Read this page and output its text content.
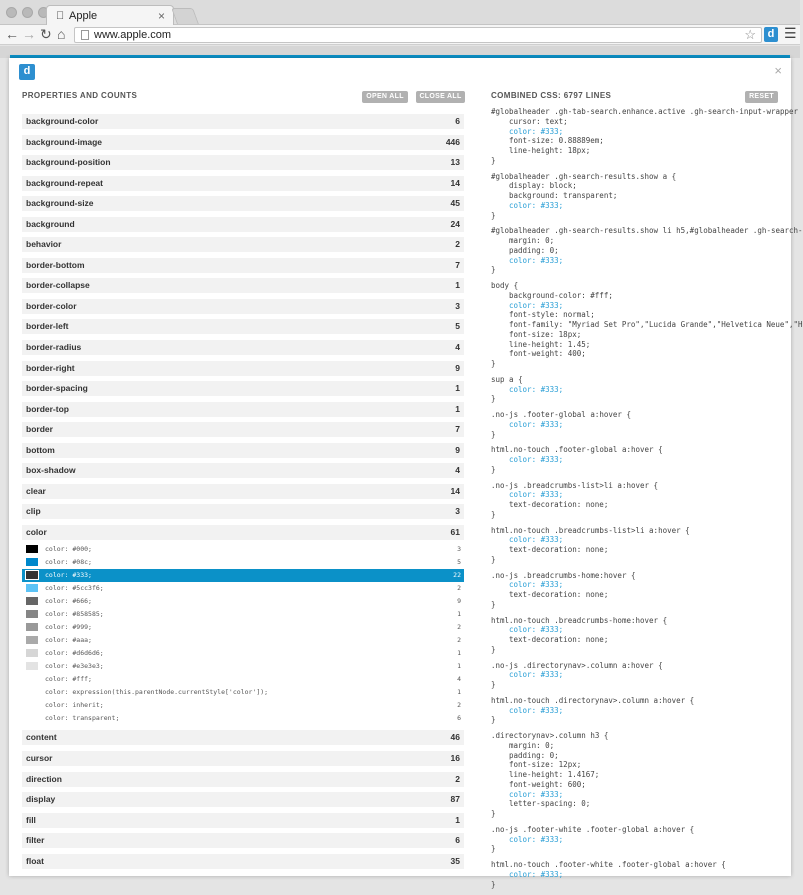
Apple	×
← → ↻ ⌂	www.apple.com	☆	d ☰
d	×
PROPERTIES AND COUNTS	OPEN ALL	CLOSE ALL
background-color	6
background-image	446
background-position	13
background-repeat	14
background-size	45
background	24
behavior	2
border-bottom	7
border-collapse	1
border-color	3
border-left	5
border-radius	4
border-right	9
border-spacing	1
border-top	1
border	7
bottom	9
box-shadow	4
clear	14
clip	3
color	61
color: #000;	3
color: #08c;	5
color: #333;	22
color: #5cc3f6;	2
color: #666;	9
color: #858585;	1
color: #999;	2
color: #aaa;	2
color: #d6d6d6;	1
color: #e3e3e3;	1
color: #fff;	4
color: expression(this.parentNode.currentStyle['color']);	1
color: inherit;	2
color: transparent;	6
content	46
cursor	16
direction	2
display	87
fill	1
filter	6
float	35
COMBINED CSS: 6797 LINES	RESET
#globalheader .gh-tab-search.enhance.active .gh-search-input-wrapper
cursor: text;
color: #333;
font-size: 0.88889em;
line-height: 18px;
}
#globalheader .gh-search-results.show a {
display: block;
background: transparent;
color: #333;
}
#globalheader .gh-search-results.show li h5,#globalheader .gh-search-
margin: 0;
padding: 0;
color: #333;
}
body {
background-color: #fff;
color: #333;
font-style: normal;
font-family: "Myriad Set Pro","Lucida Grande","Helvetica Neue","H
font-size: 18px;
line-height: 1.45;
font-weight: 400;
}
sup a {
color: #333;
}
.no-js .footer-global a:hover {
color: #333;
}
html.no-touch .footer-global a:hover {
color: #333;
}
.no-js .breadcrumbs-list>li a:hover {
color: #333;
text-decoration: none;
}
html.no-touch .breadcrumbs-list>li a:hover {
color: #333;
text-decoration: none;
}
.no-js .breadcrumbs-home:hover {
color: #333;
text-decoration: none;
}
html.no-touch .breadcrumbs-home:hover {
color: #333;
text-decoration: none;
}
.no-js .directorynav>.column a:hover {
color: #333;
}
html.no-touch .directorynav>.column a:hover {
color: #333;
}
.directorynav>.column h3 {
margin: 0;
padding: 0;
font-size: 12px;
line-height: 1.4167;
font-weight: 600;
color: #333;
letter-spacing: 0;
}
.no-js .footer-white .footer-global a:hover {
color: #333;
}
html.no-touch .footer-white .footer-global a:hover {
color: #333;
}
